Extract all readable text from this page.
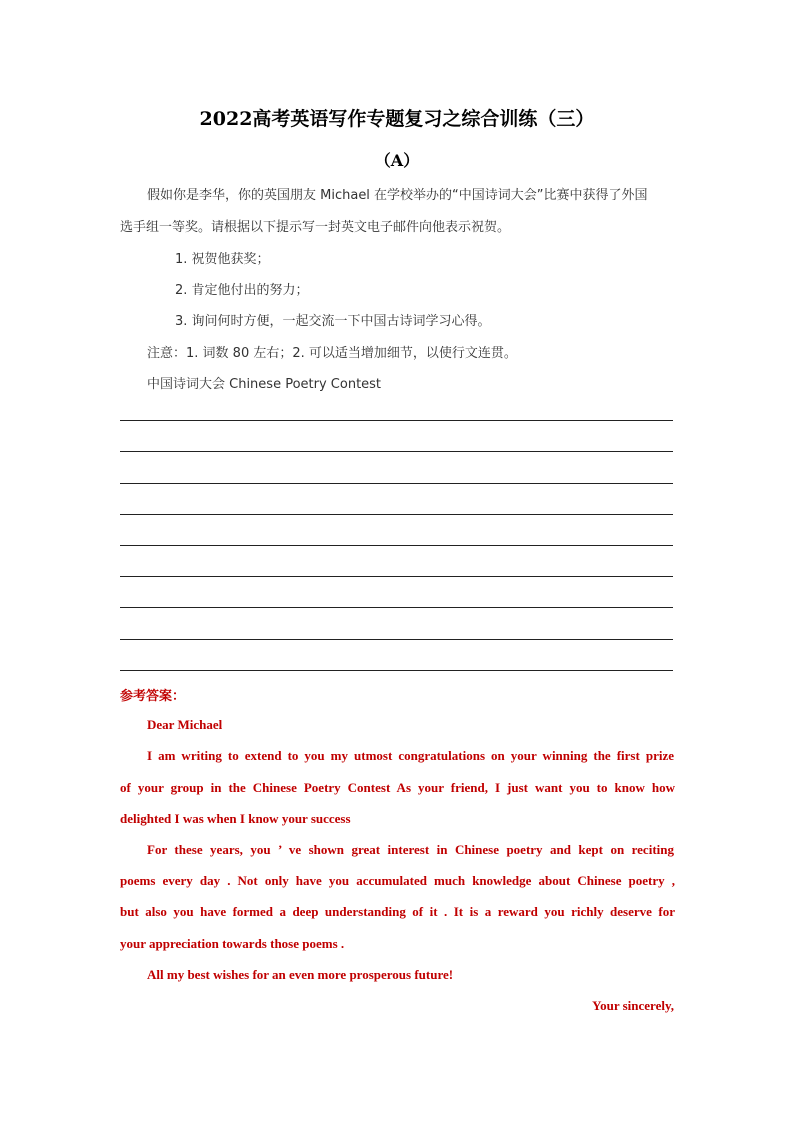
2022高考英语写作专题复习之综合训练（三）
（A）
假如你是李华，你的英国朋友 Michael 在学校举办的“中国诗词大会”比赛中获得了外国
选手组一等奖。请根据以下提示写一封英文电子邮件向他表示祝贺。
1. 祝贺他获奖；
2. 肯定他付出的努力；
3. 询问何时方便，一起交流一下中国古诗词学习心得。
注意：1. 词数 80 左右；2. 可以适当增加细节，以使行文连贯。
中国诗词大会 Chinese Poetry Contest
参考答案：
Dear Michael
I am writing to extend to you my utmost congratulations on your winning the first prize
of your group in the Chinese Poetry Contest As your friend, I just want you to know how
delighted I was when I know your success
For these years, you ’ ve shown great interest in Chinese poetry and kept on reciting
poems every day . Not only have you accumulated much knowledge about Chinese poetry ,
but also you have formed a deep understanding of it . It is a reward you richly deserve for
your appreciation towards those poems .
All my best wishes for an even more prosperous future!
Your sincerely,
